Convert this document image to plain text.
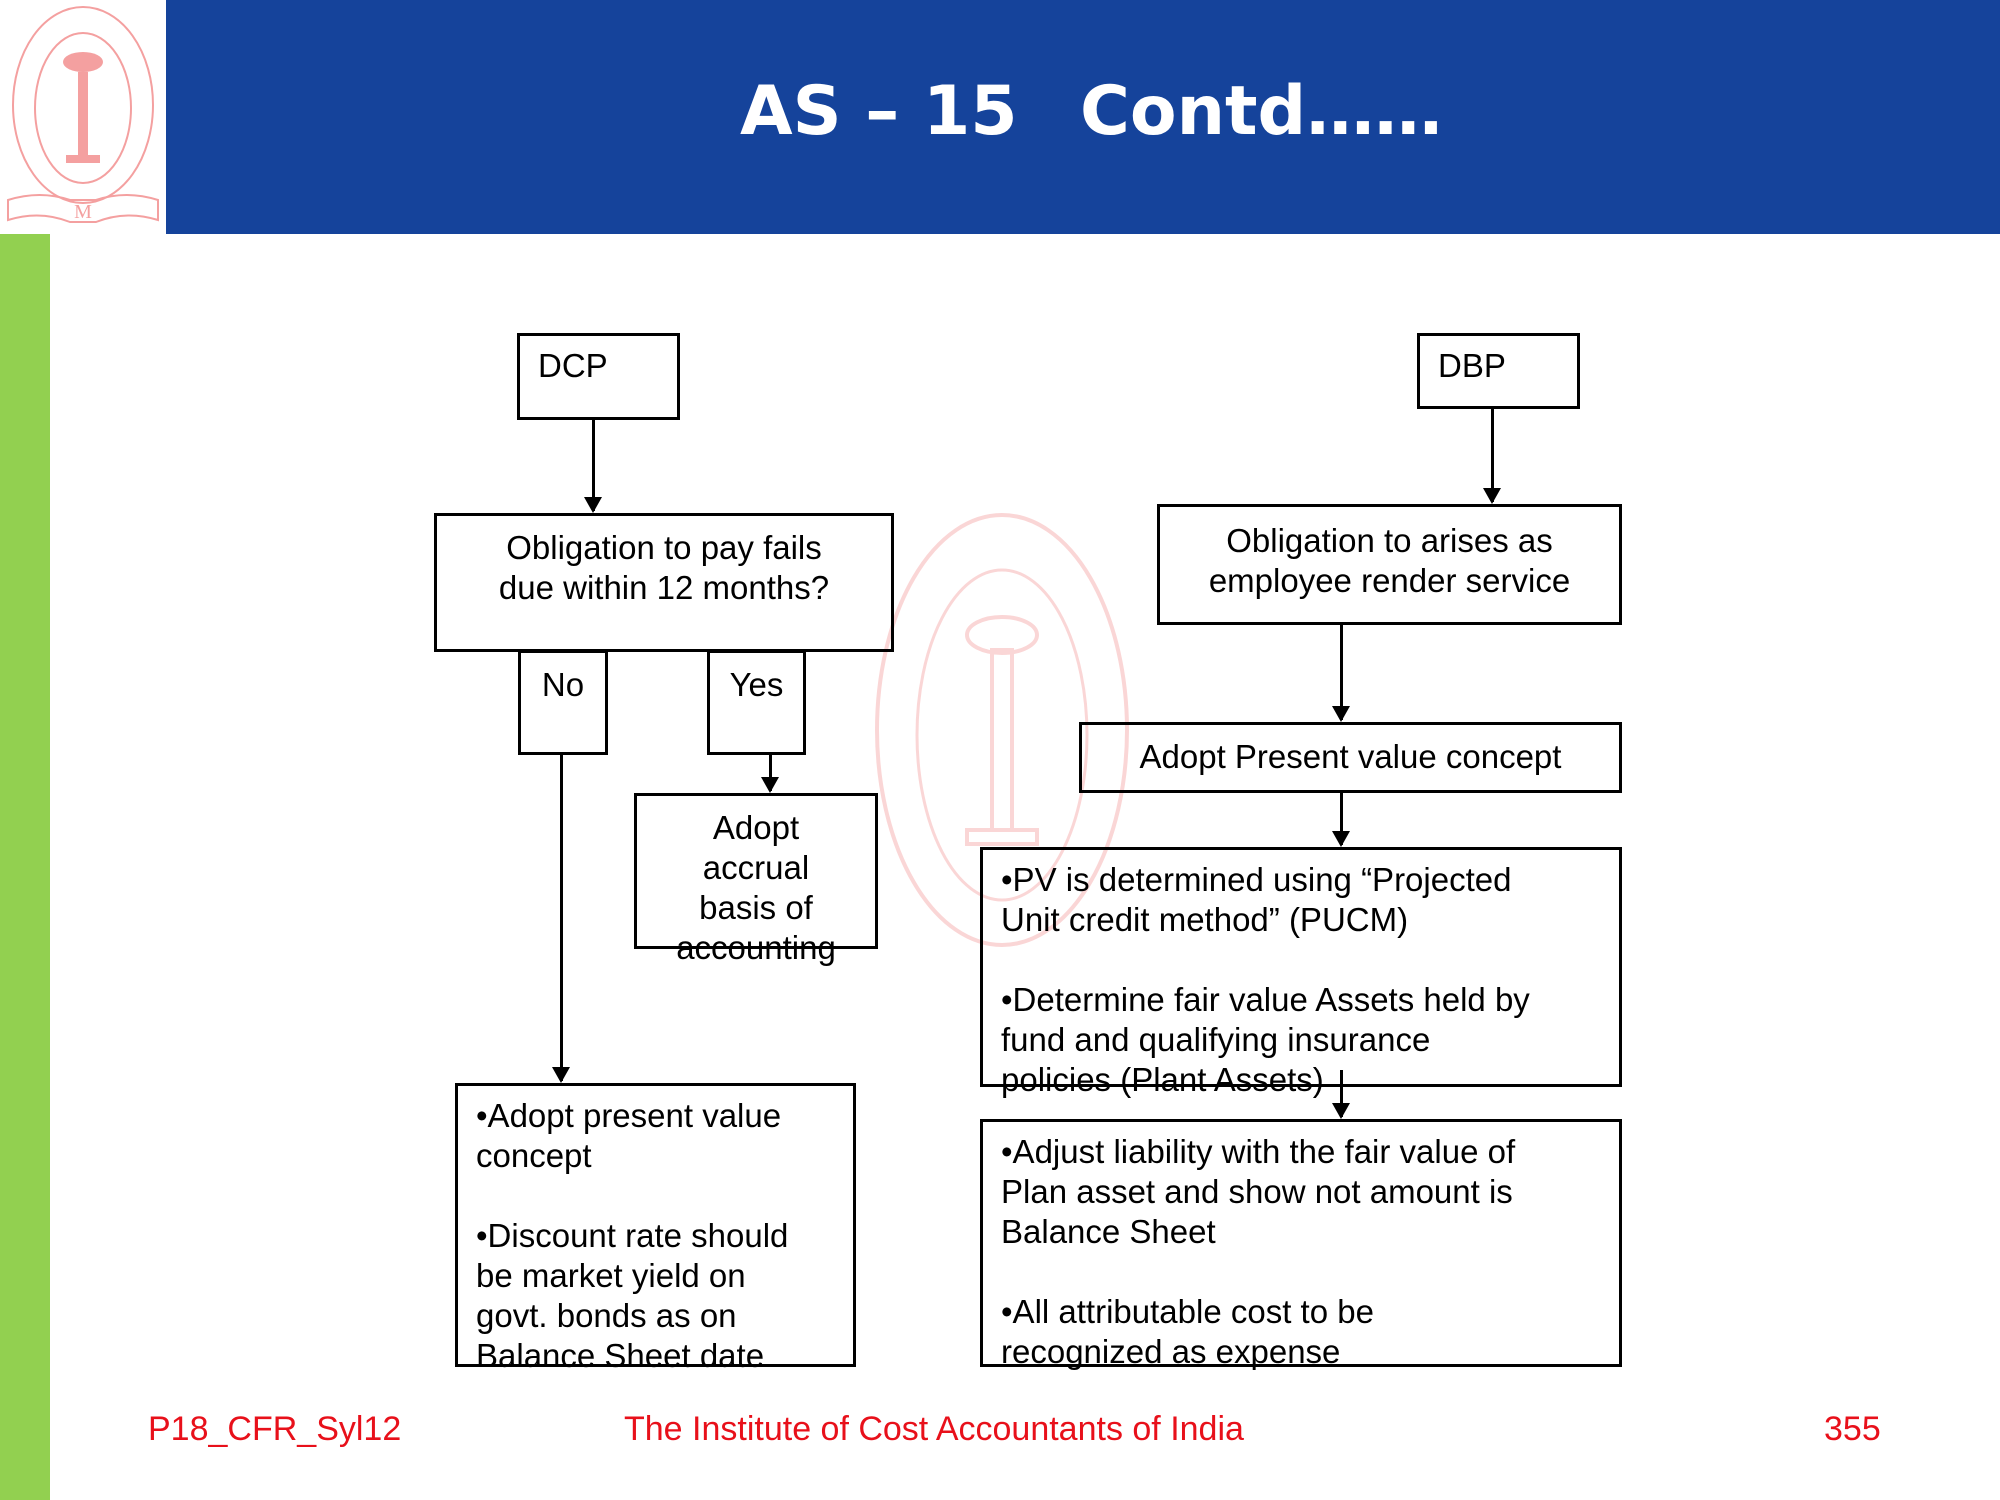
AS – 15 Contd……
M
DCP	DBP
Obligation to pay fails
due within 12 months?
No	Yes
Adopt
accrual
basis of
accounting
•Adopt present value
concept

•Discount rate should
be market yield on
govt. bonds as on
Balance Sheet date
Obligation to arises as
employee render service
Adopt Present value concept
•PV is determined using “Projected
Unit credit method” (PUCM)

•Determine fair value Assets held by
fund and qualifying insurance
policies (Plant Assets)
•Adjust liability with the fair value of
Plan asset and show not amount is
Balance Sheet

•All attributable cost to be
recognized as expense
P18_CFR_Syl12	The Institute of Cost Accountants of India	355
